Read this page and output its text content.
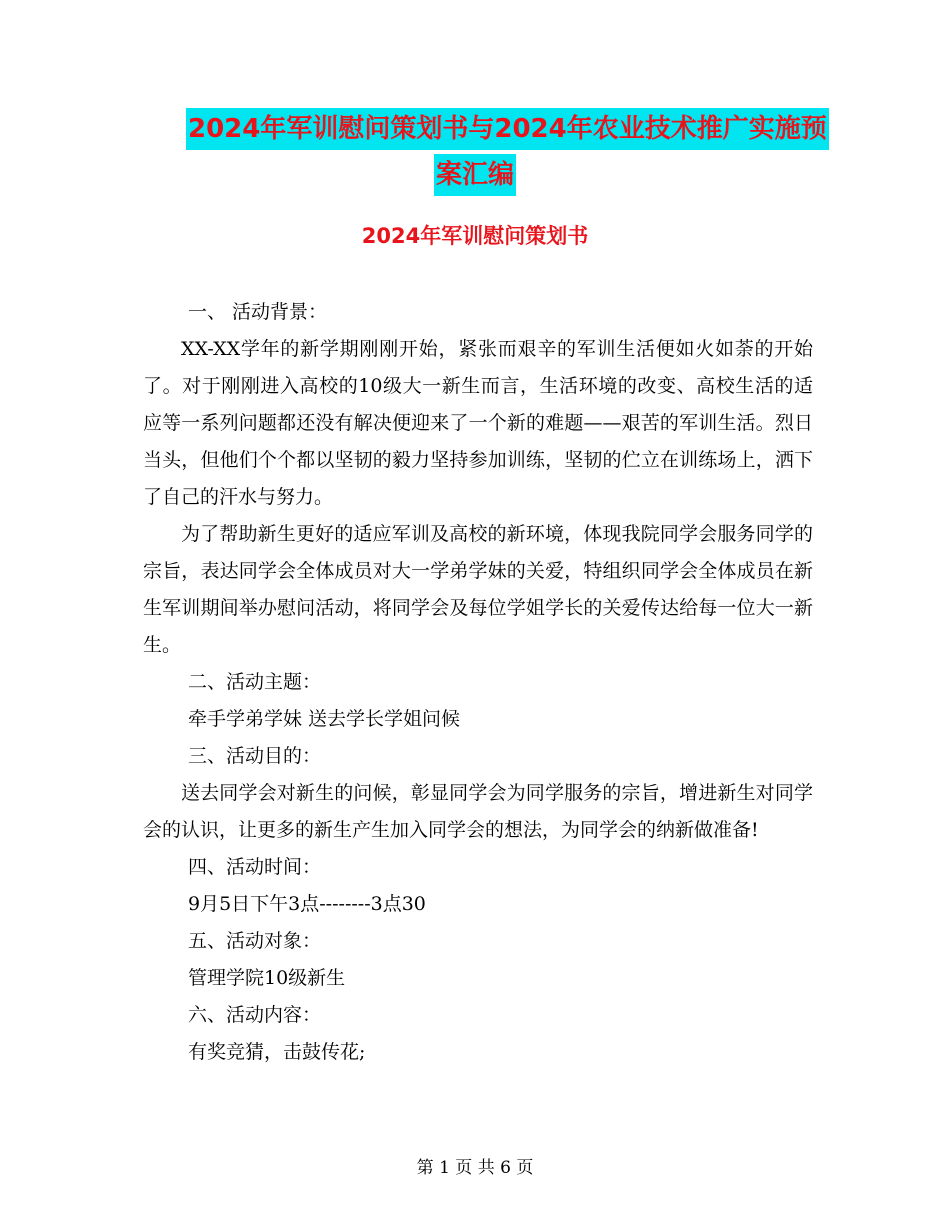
2024年军训慰问策划书与2024年农业技术推广实施预
案汇编
2024年军训慰问策划书

一、 活动背景：

XX-XX学年的新学期刚刚开始，紧张而艰辛的军训生活便如火如荼的开始了。对于刚刚进入高校的10级大一新生而言，生活环境的改变、高校生活的适应等一系列问题都还没有解决便迎来了一个新的难题——艰苦的军训生活。烈日当头，但他们个个都以坚韧的毅力坚持参加训练，坚韧的伫立在训练场上，洒下了自己的汗水与努力。

为了帮助新生更好的适应军训及高校的新环境，体现我院同学会服务同学的宗旨，表达同学会全体成员对大一学弟学妹的关爱，特组织同学会全体成员在新生军训期间举办慰问活动，将同学会及每位学姐学长的关爱传达给每一位大一新生。

二、活动主题：

牵手学弟学妹 送去学长学姐问候

三、活动目的：

送去同学会对新生的问候，彰显同学会为同学服务的宗旨，增进新生对同学会的认识，让更多的新生产生加入同学会的想法，为同学会的纳新做准备!

四、活动时间：

9月5日下午3点--------3点30

五、活动对象：

管理学院10级新生

六、活动内容：

有奖竞猜，击鼓传花;

第 1 页 共 6 页
